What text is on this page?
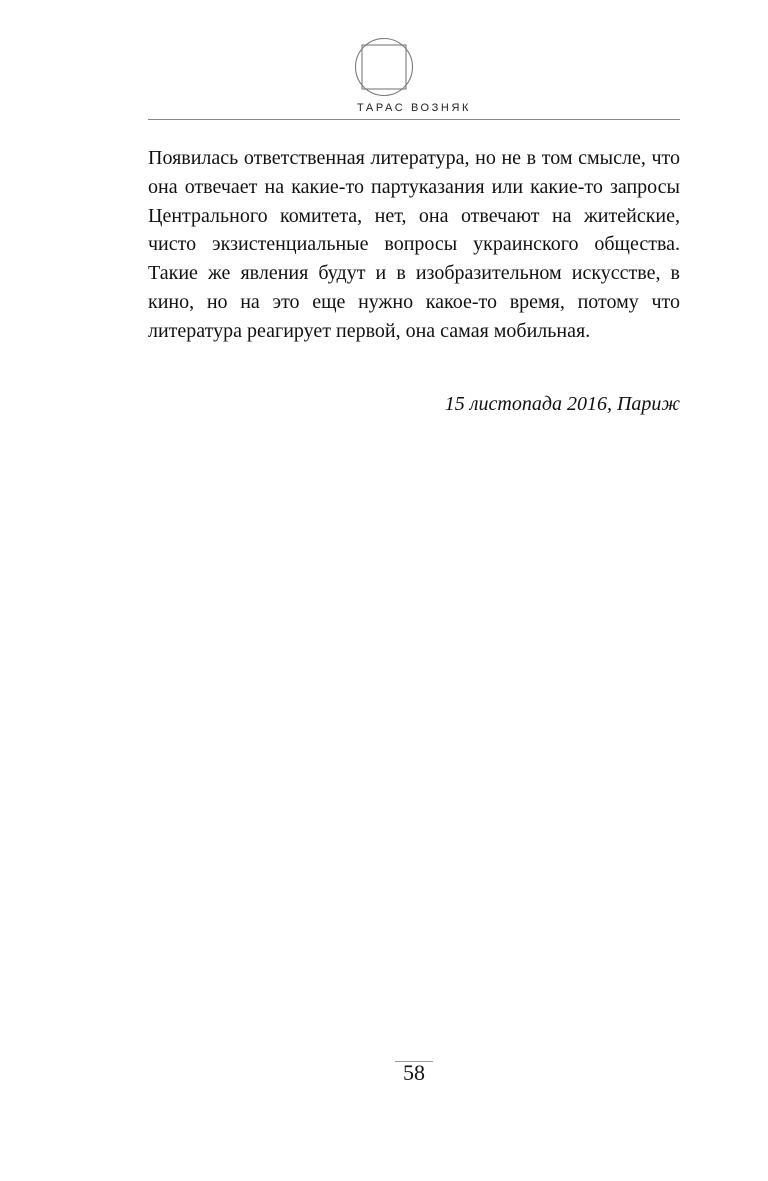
ТАРАС ВОЗНЯК

Появилась ответственная литература, но не в том смысле, что она отвечает на какие-то партуказания или какие-то запросы Центрального комитета, нет, она отвечают на житейские, чисто экзистенциальные вопросы украинского общества. Такие же явления будут и в изобразительном искусстве, в кино, но на это еще нужно какое-то время, потому что литература реагирует первой, она самая мобильная.

15 листопада 2016, Париж
58
